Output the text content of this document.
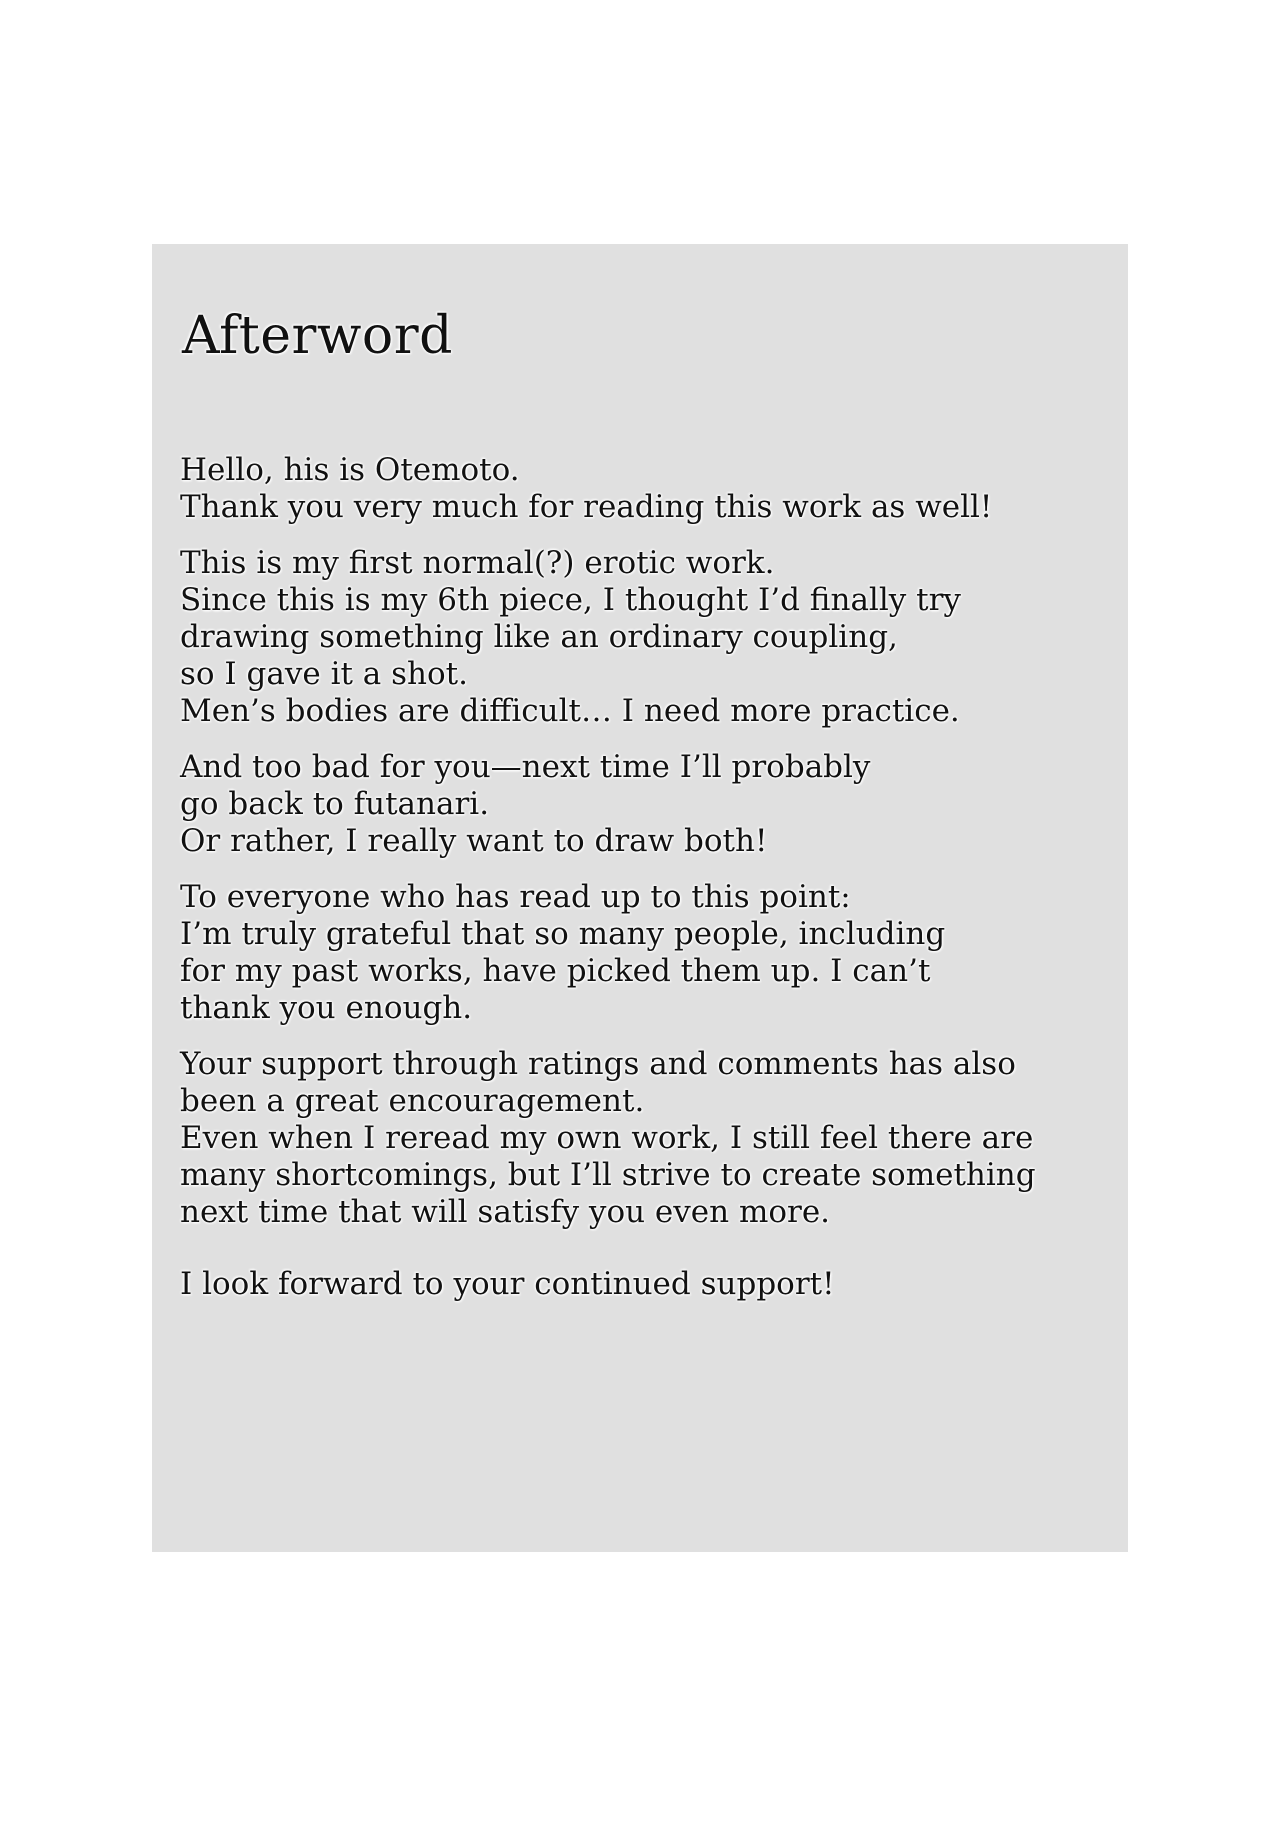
Afterword

Hello, his is Otemoto.
Thank you very much for reading this work as well!

This is my first normal(?) erotic work.
Since this is my 6th piece, I thought I’d finally try
drawing something like an ordinary coupling,
so I gave it a shot.
Men’s bodies are difficult… I need more practice.

And too bad for you—next time I’ll probably
go back to futanari.
Or rather, I really want to draw both!

To everyone who has read up to this point:
I’m truly grateful that so many people, including
for my past works, have picked them up. I can’t
thank you enough.

Your support through ratings and comments has also
been a great encouragement.
Even when I reread my own work, I still feel there are
many shortcomings, but I’ll strive to create something
next time that will satisfy you even more.

I look forward to your continued support!
